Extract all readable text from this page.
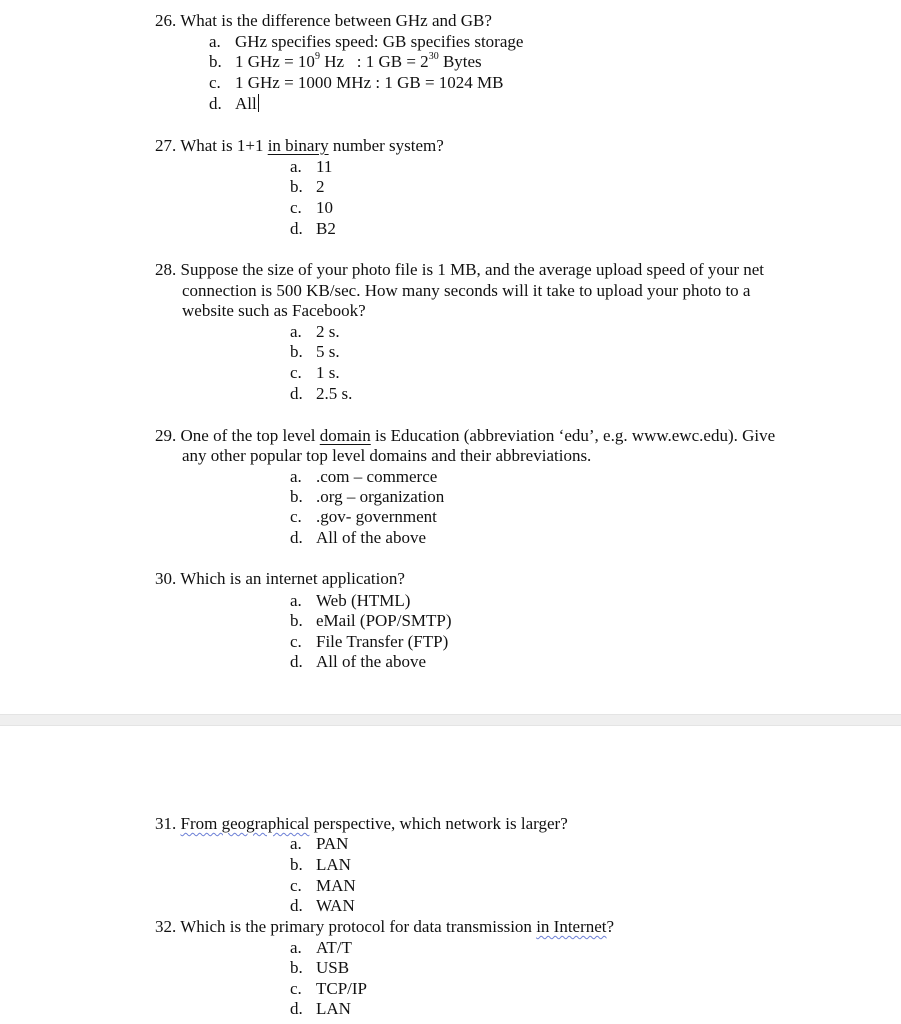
26. What is the difference between GHz and GB?
a. GHz specifies speed: GB specifies storage
b. 1 GHz = $10^9$ Hz   : 1 GB = $2^{30}$ Bytes
c. 1 GHz = 1000 MHz : 1 GB = 1024 MB
d. All
27. What is 1+1 in binary number system?
a. 11
b. 2
c. 10
d. B2
28. Suppose the size of your photo file is 1 MB, and the average upload speed of your net
connection is 500 KB/sec. How many seconds will it take to upload your photo to a
website such as Facebook?
a. 2 s.
b. 5 s.
c. 1 s.
d. 2.5 s.
29. One of the top level domain is Education (abbreviation ‘edu’, e.g. www.ewc.edu). Give
any other popular top level domains and their abbreviations.
a. .com – commerce
b. .org – organization
c. .gov- government
d. All of the above
30. Which is an internet application?
a. Web (HTML)
b. eMail (POP/SMTP)
c. File Transfer (FTP)
d. All of the above
31. From geographical perspective, which network is larger?
a. PAN
b. LAN
c. MAN
d. WAN
32. Which is the primary protocol for data transmission in Internet?
a. AT/T
b. USB
c. TCP/IP
d. LAN
